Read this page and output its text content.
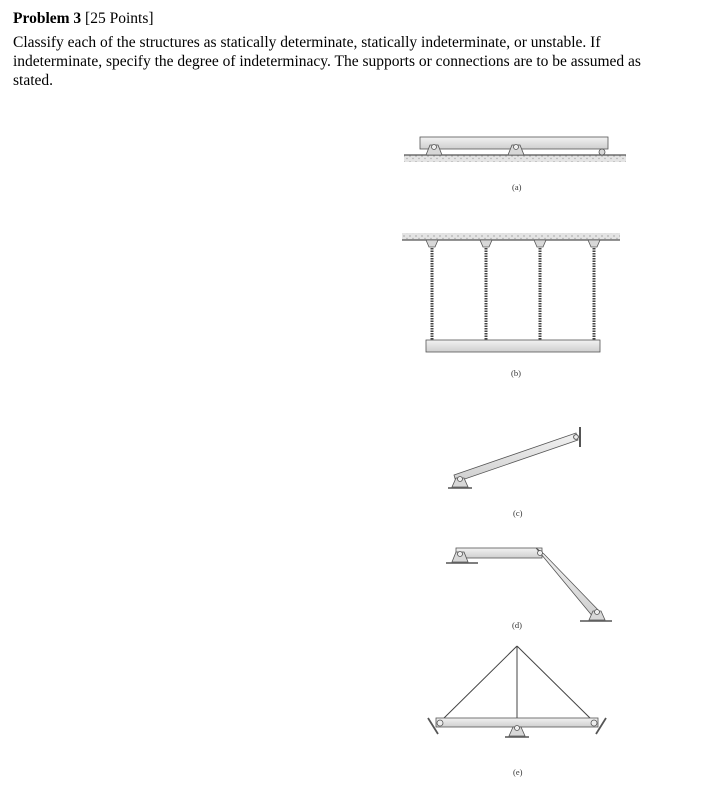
Problem 3 [25 Points]
Classify each of the structures as statically determinate, statically indeterminate, or unstable. If indeterminate, specify the degree of indeterminacy. The supports or connections are to be assumed as stated.
(a)
(b)
(c)
(d)
(e)
